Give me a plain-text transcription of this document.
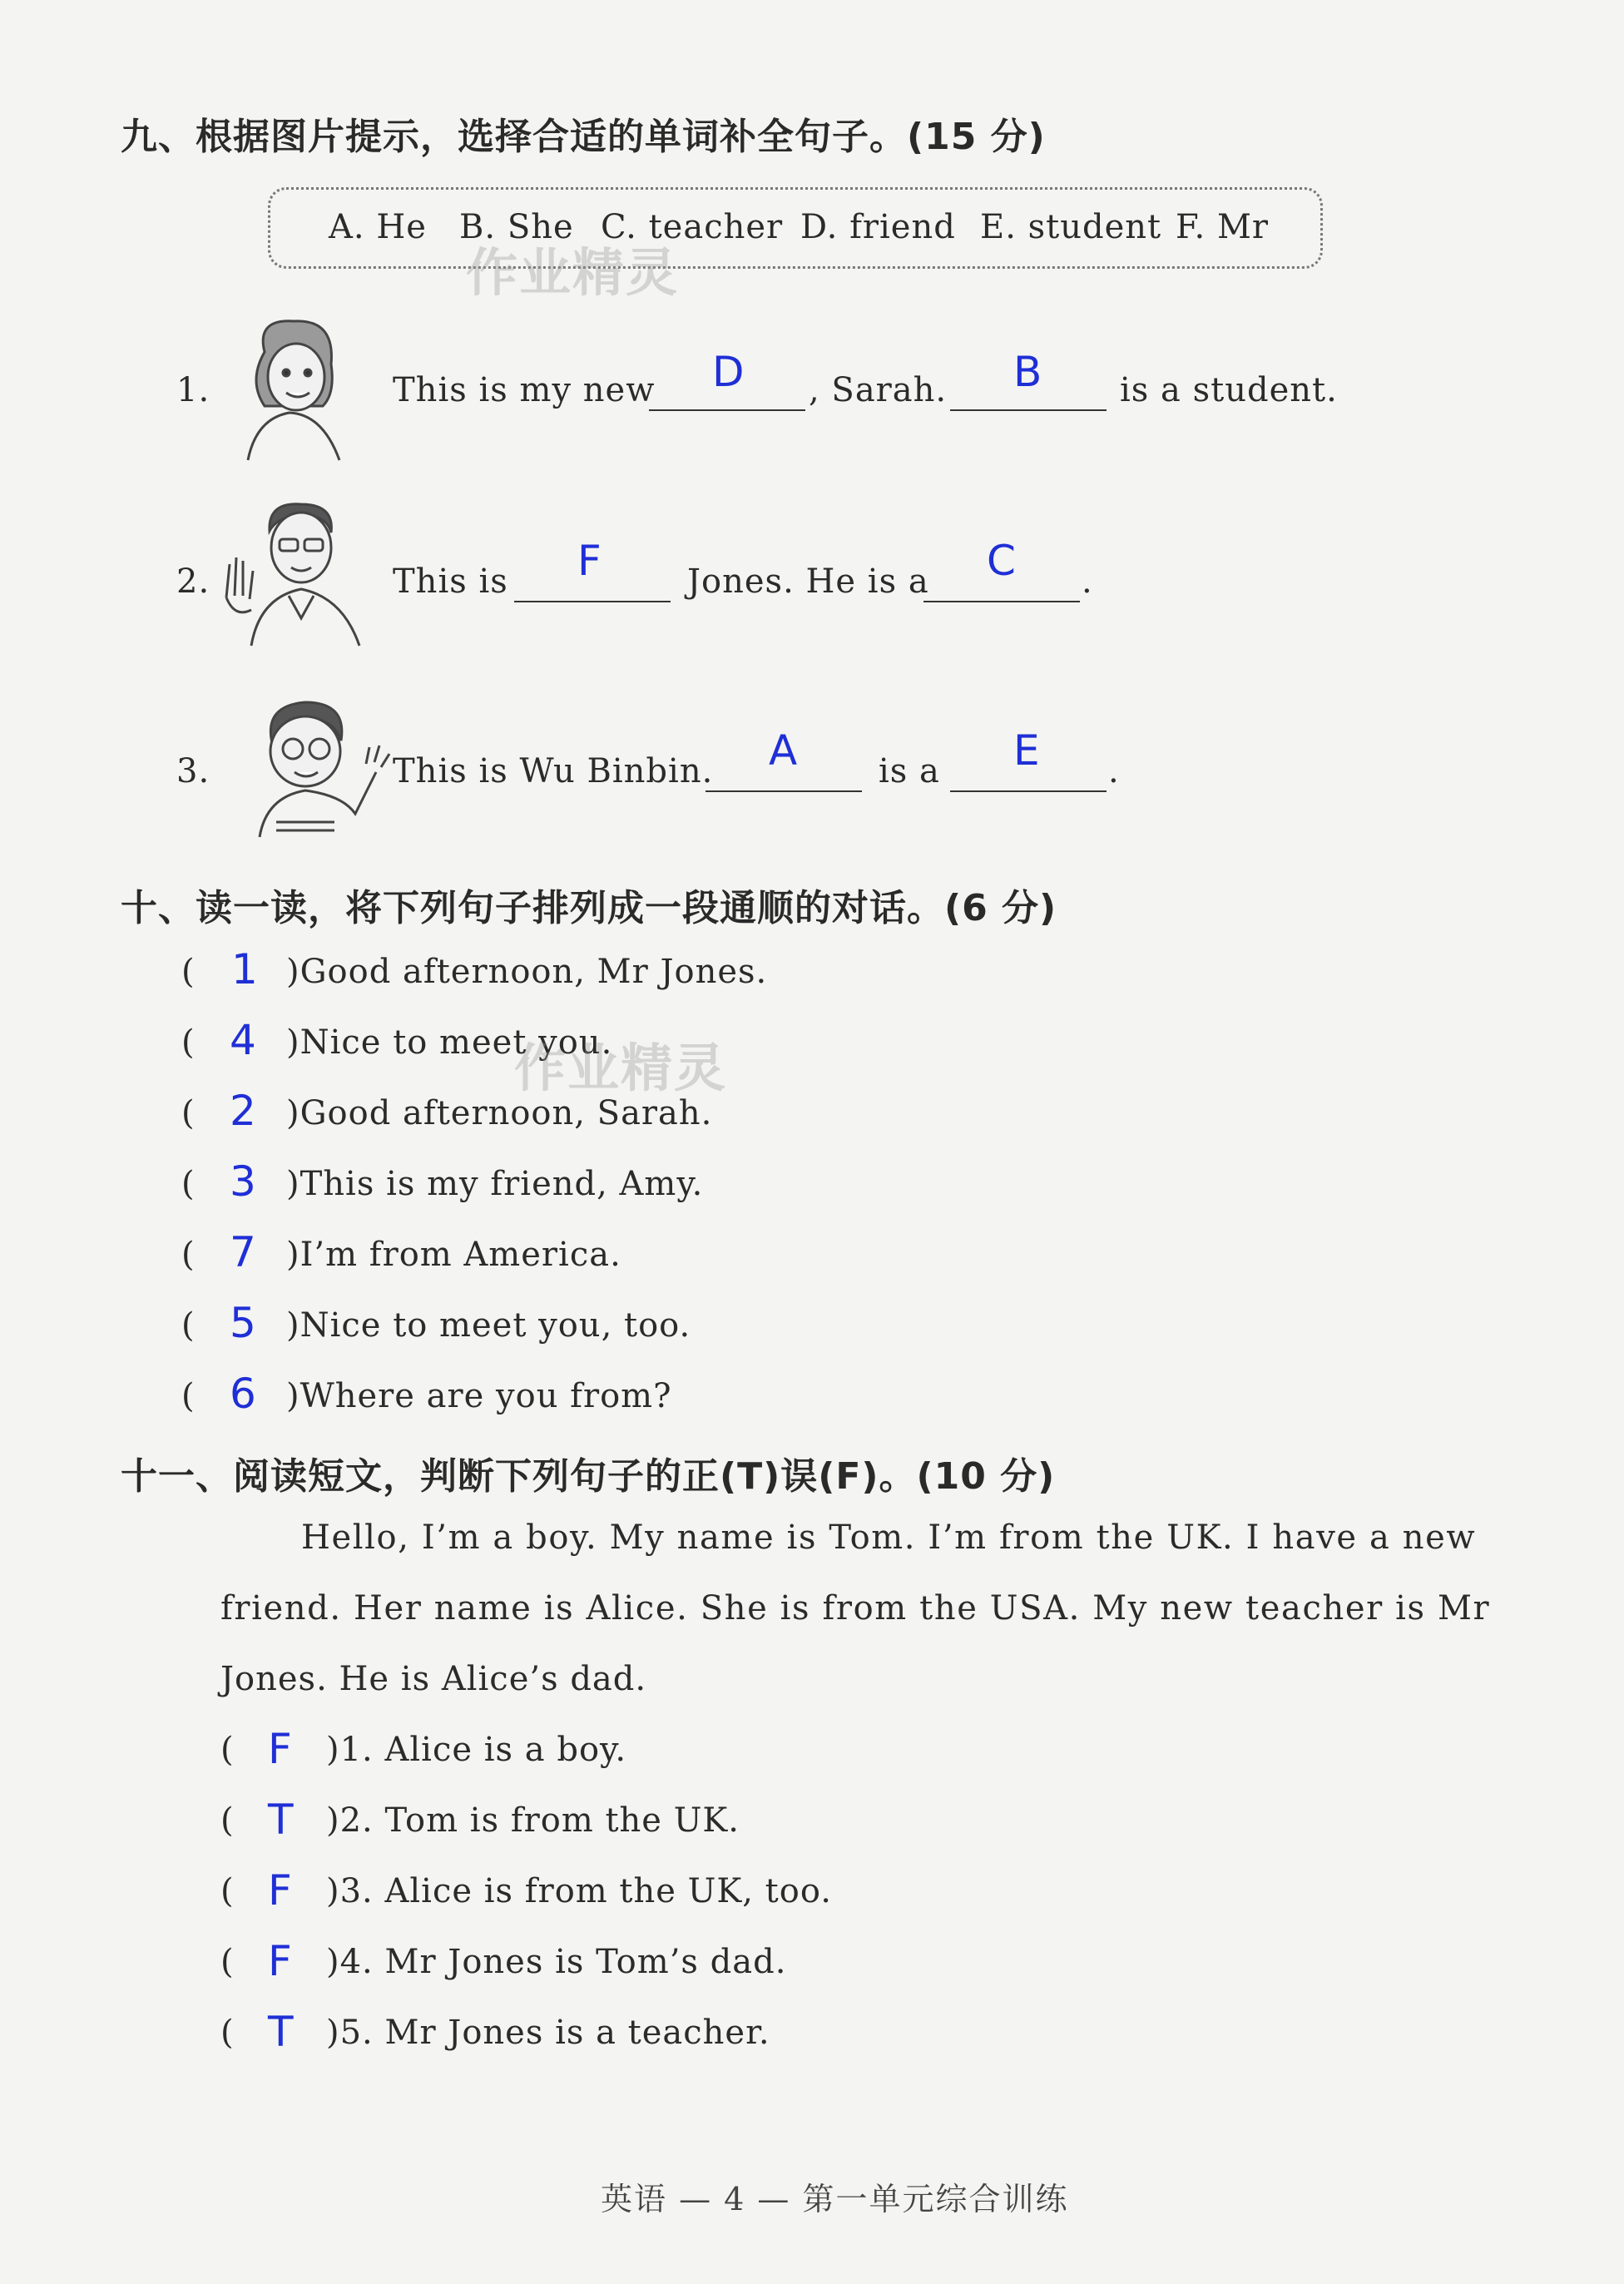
九、根据图片提示，选择合适的单词补全句子。(15 分)
A. He B. She C. teacher D. friend E. student F. Mr
作业精灵
1.	This is my new D , Sarah. B is a student.
2.	This is F	Jones. He is a C .
3.	This is Wu Binbin. A is a E .
十、读一读，将下列句子排列成一段通顺的对话。(6 分)
( 1 )Good afternoon, Mr Jones.
( 4 )Nice to meet you.
作业精灵
( 2 )Good afternoon, Sarah.
( 3 )This is my friend, Amy.
( 7 )I’m from America.
( 5 )Nice to meet you, too.
( 6 )Where are you from?
十一、阅读短文，判断下列句子的正(T)误(F)。(10 分)
Hello, I’m a boy. My name is Tom. I’m from the UK. I have a new
friend. Her name is Alice. She is from the USA. My new teacher is Mr
Jones. He is Alice’s dad.
( F )1. Alice is a boy.
( T )2. Tom is from the UK.
( F )3. Alice is from the UK, too.
( F )4. Mr Jones is Tom’s dad.
( T )5. Mr Jones is a teacher.
英语 — 4 — 第一单元综合训练
